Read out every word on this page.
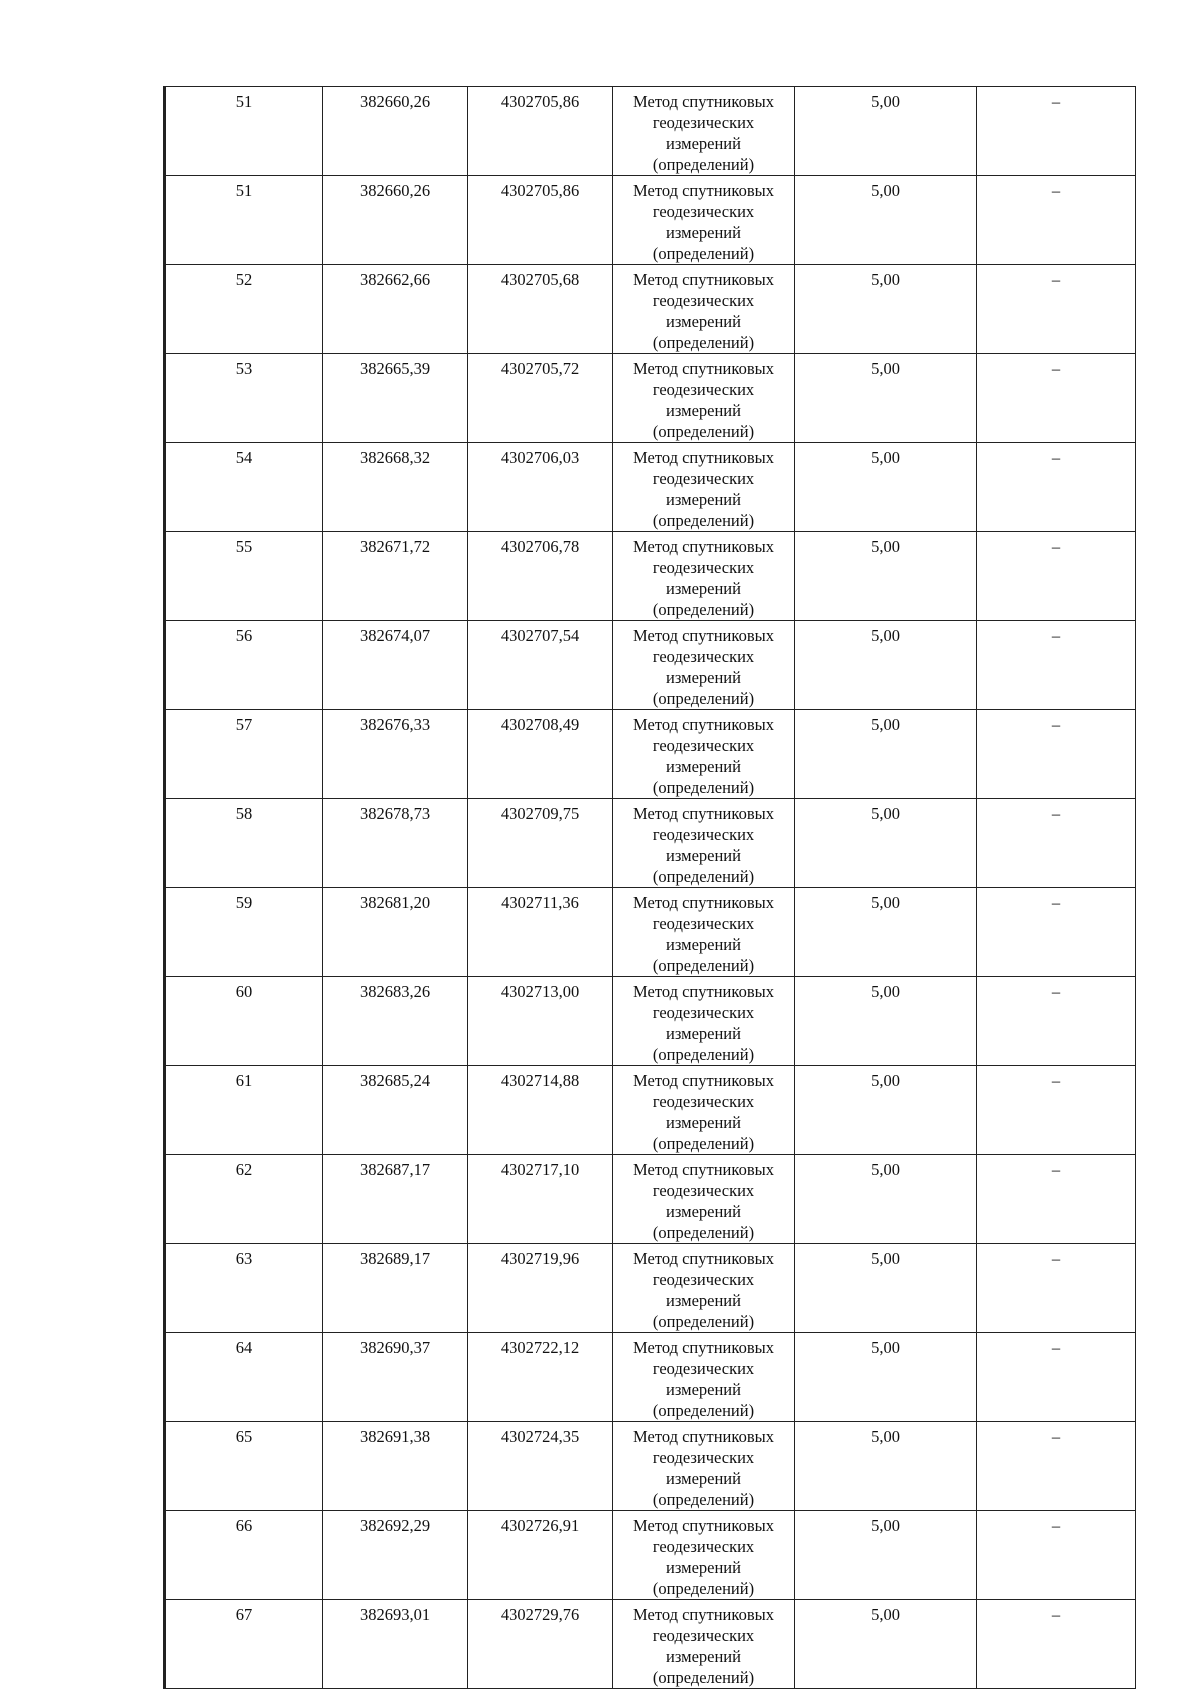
51	382660,26	4302705,86	Метод спутниковых
геодезических
измерений
(определений)	5,00	–
51	382660,26	4302705,86	Метод спутниковых
геодезических
измерений
(определений)	5,00	–
52	382662,66	4302705,68	Метод спутниковых
геодезических
измерений
(определений)	5,00	–
53	382665,39	4302705,72	Метод спутниковых
геодезических
измерений
(определений)	5,00	–
54	382668,32	4302706,03	Метод спутниковых
геодезических
измерений
(определений)	5,00	–
55	382671,72	4302706,78	Метод спутниковых
геодезических
измерений
(определений)	5,00	–
56	382674,07	4302707,54	Метод спутниковых
геодезических
измерений
(определений)	5,00	–
57	382676,33	4302708,49	Метод спутниковых
геодезических
измерений
(определений)	5,00	–
58	382678,73	4302709,75	Метод спутниковых
геодезических
измерений
(определений)	5,00	–
59	382681,20	4302711,36	Метод спутниковых
геодезических
измерений
(определений)	5,00	–
60	382683,26	4302713,00	Метод спутниковых
геодезических
измерений
(определений)	5,00	–
61	382685,24	4302714,88	Метод спутниковых
геодезических
измерений
(определений)	5,00	–
62	382687,17	4302717,10	Метод спутниковых
геодезических
измерений
(определений)	5,00	–
63	382689,17	4302719,96	Метод спутниковых
геодезических
измерений
(определений)	5,00	–
64	382690,37	4302722,12	Метод спутниковых
геодезических
измерений
(определений)	5,00	–
65	382691,38	4302724,35	Метод спутниковых
геодезических
измерений
(определений)	5,00	–
66	382692,29	4302726,91	Метод спутниковых
геодезических
измерений
(определений)	5,00	–
67	382693,01	4302729,76	Метод спутниковых
геодезических
измерений
(определений)	5,00	–
